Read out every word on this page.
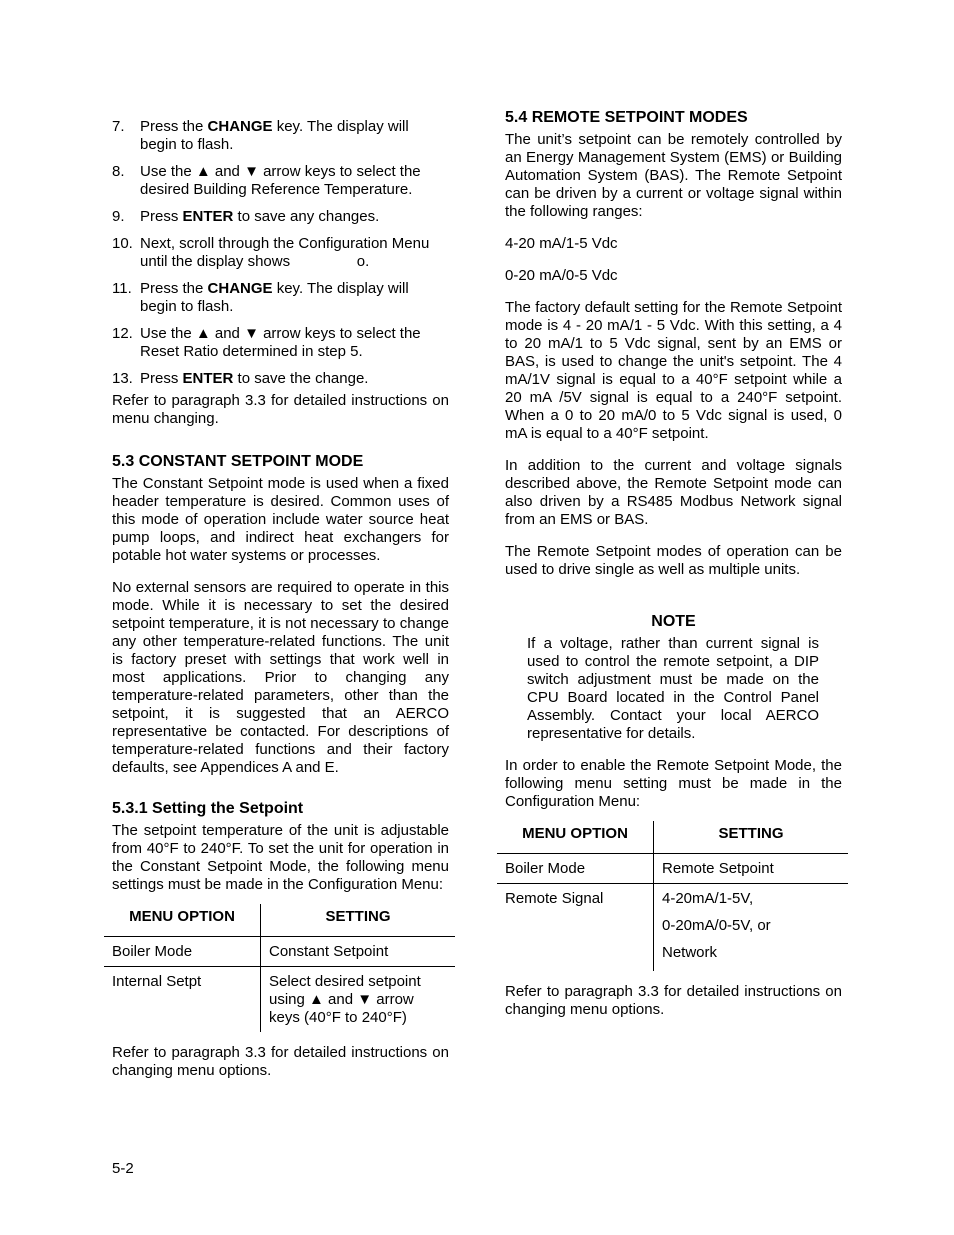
7.	Press the CHANGE key. The display will begin to flash.
8.	Use the ▲ and ▼ arrow keys to select the desired Building Reference Temperature.
9.	Press ENTER to save any changes.
10. Next, scroll through the Configuration Menu until the display shows                o.
11. Press the CHANGE key. The display will begin to flash.
12. Use the ▲ and ▼ arrow keys to select the Reset Ratio determined in step 5.
13. Press ENTER to save the change.

Refer to paragraph 3.3 for detailed instructions on menu changing.

5.3 CONSTANT SETPOINT MODE

The Constant Setpoint mode is used when a fixed header temperature is desired. Common uses of this mode of operation include water source heat pump loops, and indirect heat exchangers for potable hot water systems or processes.

No external sensors are required to operate in this mode. While it is necessary to set the desired setpoint temperature, it is not necessary to change any other temperature-related functions. The unit is factory preset with settings that work well in most applications. Prior to changing any temperature-related parameters, other than the setpoint, it is suggested that an AERCO representative be contacted. For descriptions of temperature-related functions and their factory defaults, see Appendices A and E.

5.3.1 Setting the Setpoint

The setpoint temperature of the unit is adjustable from 40°F to 240°F. To set the unit for operation in the Constant Setpoint Mode, the following menu settings must be made in the Configuration Menu:

MENU OPTION	SETTING
Boiler Mode	Constant Setpoint
Internal Setpt	Select desired setpoint using ▲ and ▼ arrow keys (40°F to 240°F)

Refer to paragraph 3.3 for detailed instructions on changing menu options.

5.4 REMOTE SETPOINT MODES

The unit’s setpoint can be remotely controlled by an Energy Management System (EMS) or Building Automation System (BAS). The Remote Setpoint can be driven by a current or voltage signal within the following ranges:

4-20 mA/1-5 Vdc

0-20 mA/0-5 Vdc

The factory default setting for the Remote Setpoint mode is 4 - 20 mA/1 - 5 Vdc. With this setting, a 4 to 20 mA/1 to 5 Vdc signal, sent by an EMS or BAS, is used to change the unit's setpoint. The 4 mA/1V signal is equal to a 40°F setpoint while a 20 mA /5V signal is equal to a 240°F setpoint. When a 0 to 20 mA/0 to 5 Vdc signal is used, 0 mA is equal to a 40°F setpoint.

In addition to the current and voltage signals described above, the Remote Setpoint mode can also driven by a RS485 Modbus Network signal from an EMS or BAS.

The Remote Setpoint modes of operation can be used to drive single as well as multiple units.

NOTE
If a voltage, rather than current signal is used to control the remote setpoint, a DIP switch adjustment must be made on the CPU Board located in the Control Panel Assembly. Contact your local AERCO representative for details.

In order to enable the Remote Setpoint Mode, the following menu setting must be made in the Configuration Menu:

MENU OPTION	SETTING
Boiler Mode	Remote Setpoint
Remote Signal	4-20mA/1-5V,
0-20mA/0-5V, or
Network

Refer to paragraph 3.3 for detailed instructions on changing menu options.

5-2
